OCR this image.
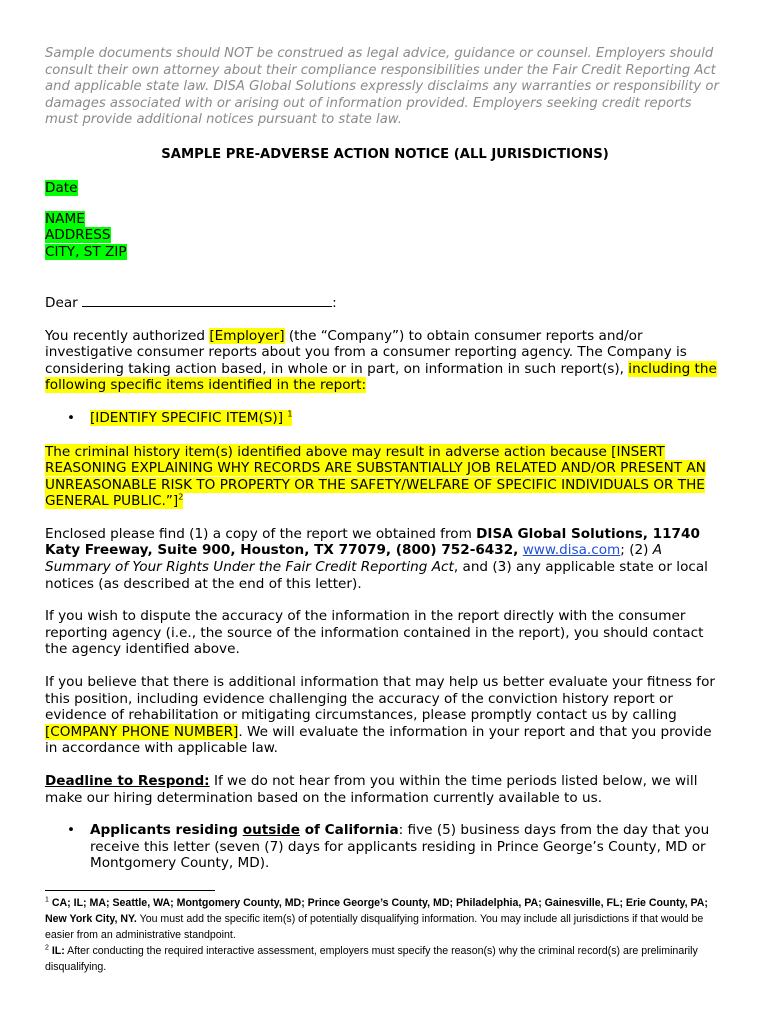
Sample documents should NOT be construed as legal advice, guidance or counsel. Employers should consult their own attorney about their compliance responsibilities under the Fair Credit Reporting Act and applicable state law. DISA Global Solutions expressly disclaims any warranties or responsibility or damages associated with or arising out of information provided. Employers seeking credit reports must provide additional notices pursuant to state law.

SAMPLE PRE-ADVERSE ACTION NOTICE (ALL JURISDICTIONS)

Date

NAME
ADDRESS
CITY, ST ZIP

Dear	:

You recently authorized [Employer] (the “Company”) to obtain consumer reports and/or investigative consumer reports about you from a consumer reporting agency. The Company is considering taking action based, in whole or in part, on information in such report(s), including the following specific items identified in the report:

• [IDENTIFY SPECIFIC ITEM(S)] $^1$

The criminal history item(s) identified above may result in adverse action because [INSERT REASONING EXPLAINING WHY RECORDS ARE SUBSTANTIALLY JOB RELATED AND/OR PRESENT AN UNREASONABLE RISK TO PROPERTY OR THE SAFETY/WELFARE OF SPECIFIC INDIVIDUALS OR THE GENERAL PUBLIC.”]$^2$

Enclosed please find (1) a copy of the report we obtained from DISA Global Solutions, 11740 Katy Freeway, Suite 900, Houston, TX 77079, (800) 752-6432, www.disa.com; (2) A Summary of Your Rights Under the Fair Credit Reporting Act, and (3) any applicable state or local notices (as described at the end of this letter).

If you wish to dispute the accuracy of the information in the report directly with the consumer reporting agency (i.e., the source of the information contained in the report), you should contact the agency identified above.

If you believe that there is additional information that may help us better evaluate your fitness for this position, including evidence challenging the accuracy of the conviction history report or evidence of rehabilitation or mitigating circumstances, please promptly contact us by calling [COMPANY PHONE NUMBER]. We will evaluate the information in your report and that you provide in accordance with applicable law.

Deadline to Respond: If we do not hear from you within the time periods listed below, we will make our hiring determination based on the information currently available to us.

• Applicants residing outside of California: five (5) business days from the day that you receive this letter (seven (7) days for applicants residing in Prince George’s County, MD or Montgomery County, MD).
$^1$ CA; IL; MA; Seattle, WA; Montgomery County, MD; Prince George’s County, MD; Philadelphia, PA; Gainesville, FL; Erie County, PA; New York City, NY. You must add the specific item(s) of potentially disqualifying information. You may include all jurisdictions if that would be easier from an administrative standpoint.
$^2$ IL: After conducting the required interactive assessment, employers must specify the reason(s) why the criminal record(s) are preliminarily disqualifying.
